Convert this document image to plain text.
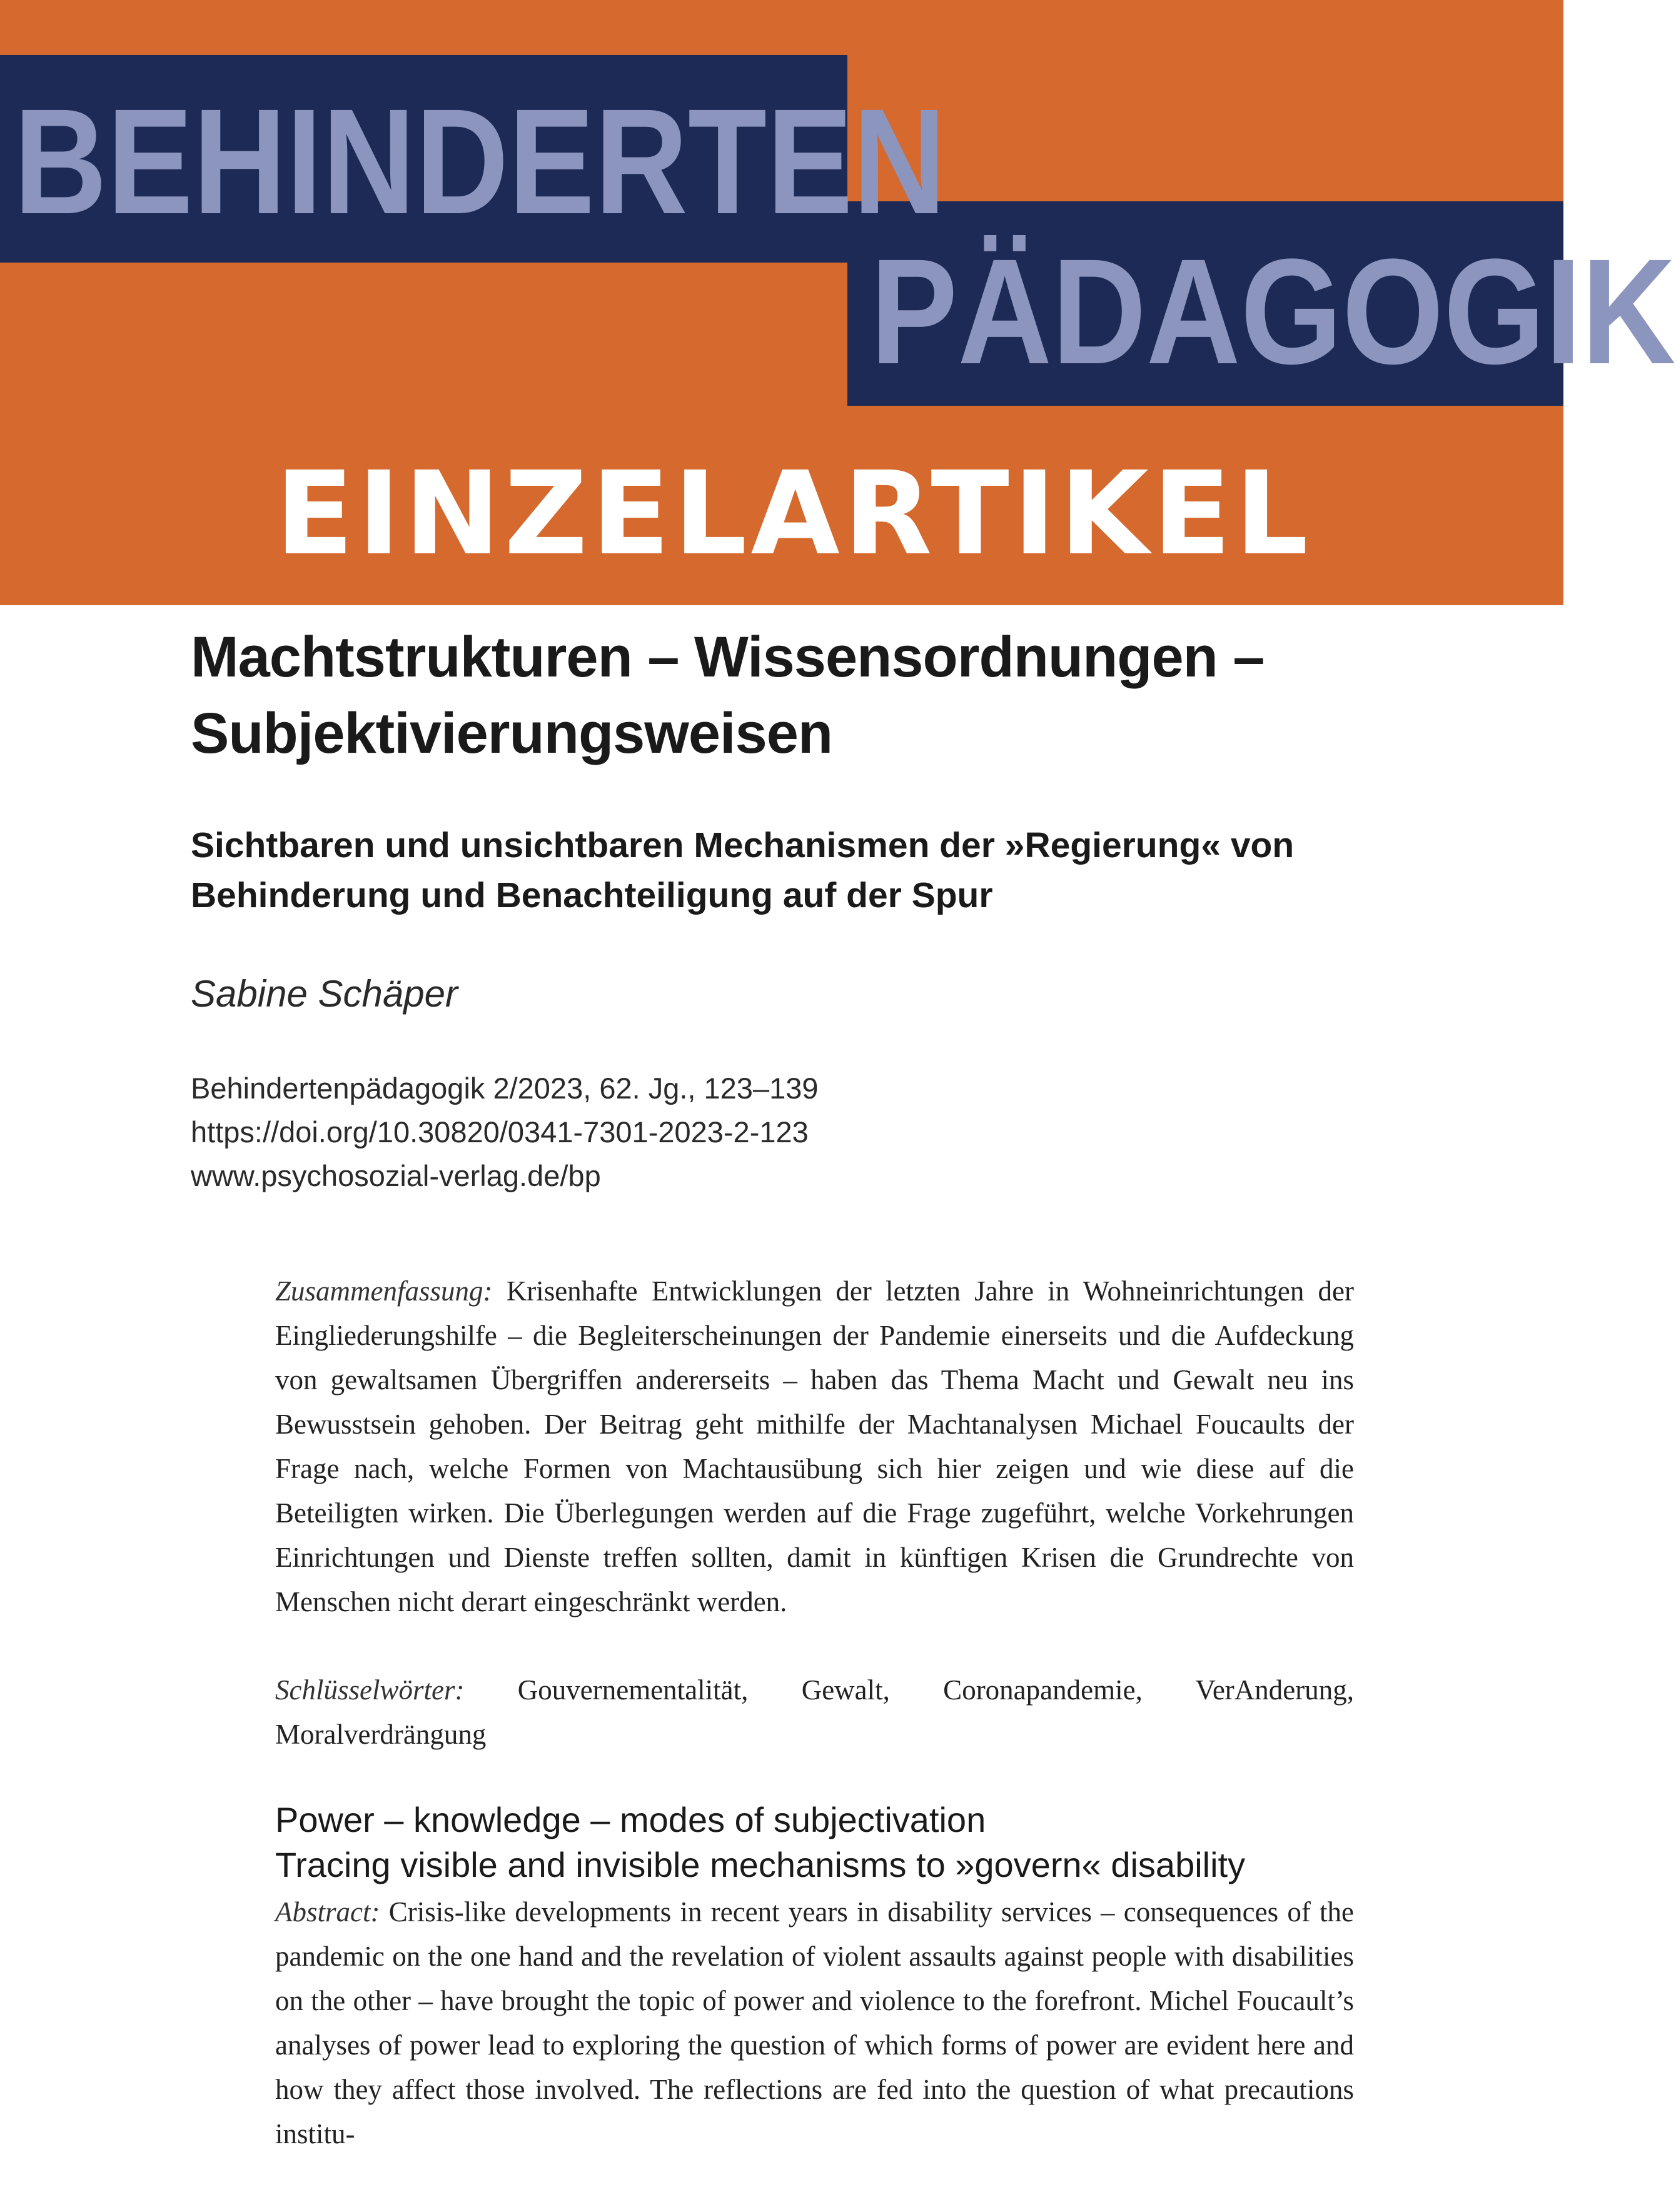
BEHINDERTEN
PÄDAGOGIK
EINZELARTIKEL
Machtstrukturen – Wissensordnungen –
Subjektivierungsweisen

Sichtbaren und unsichtbaren Mechanismen der »Regierung« von Behinderung und Benachteiligung auf der Spur

Sabine Schäper

Behindertenpädagogik 2/2023, 62. Jg., 123–139
https://doi.org/10.30820/0341-7301-2023-2-123
www.psychosozial-verlag.de/bp

Zusammenfassung: Krisenhafte Entwicklungen der letzten Jahre in Wohneinrichtungen der Eingliederungshilfe – die Begleiterscheinungen der Pandemie einerseits und die Aufdeckung von gewaltsamen Übergriffen andererseits – haben das Thema Macht und Gewalt neu ins Bewusstsein gehoben. Der Beitrag geht mithilfe der Machtanalysen Michael Foucaults der Frage nach, welche Formen von Machtausübung sich hier zeigen und wie diese auf die Beteiligten wirken. Die Überlegungen werden auf die Frage zugeführt, welche Vorkehrungen Einrichtungen und Dienste treffen sollten, damit in künftigen Krisen die Grundrechte von Menschen nicht derart eingeschränkt werden.

Schlüsselwörter: Gouvernementalität, Gewalt, Coronapandemie, VerAnderung, Moralverdrängung

Power – knowledge – modes of subjectivation
Tracing visible and invisible mechanisms to »govern« disability

Abstract: Crisis-like developments in recent years in disability services – consequences of the pandemic on the one hand and the revelation of violent assaults against people with disabilities on the other – have brought the topic of power and violence to the forefront. Michel Foucault’s analyses of power lead to exploring the question of which forms of power are evident here and how they affect those involved. The reflections are fed into the question of what precautions institu-
